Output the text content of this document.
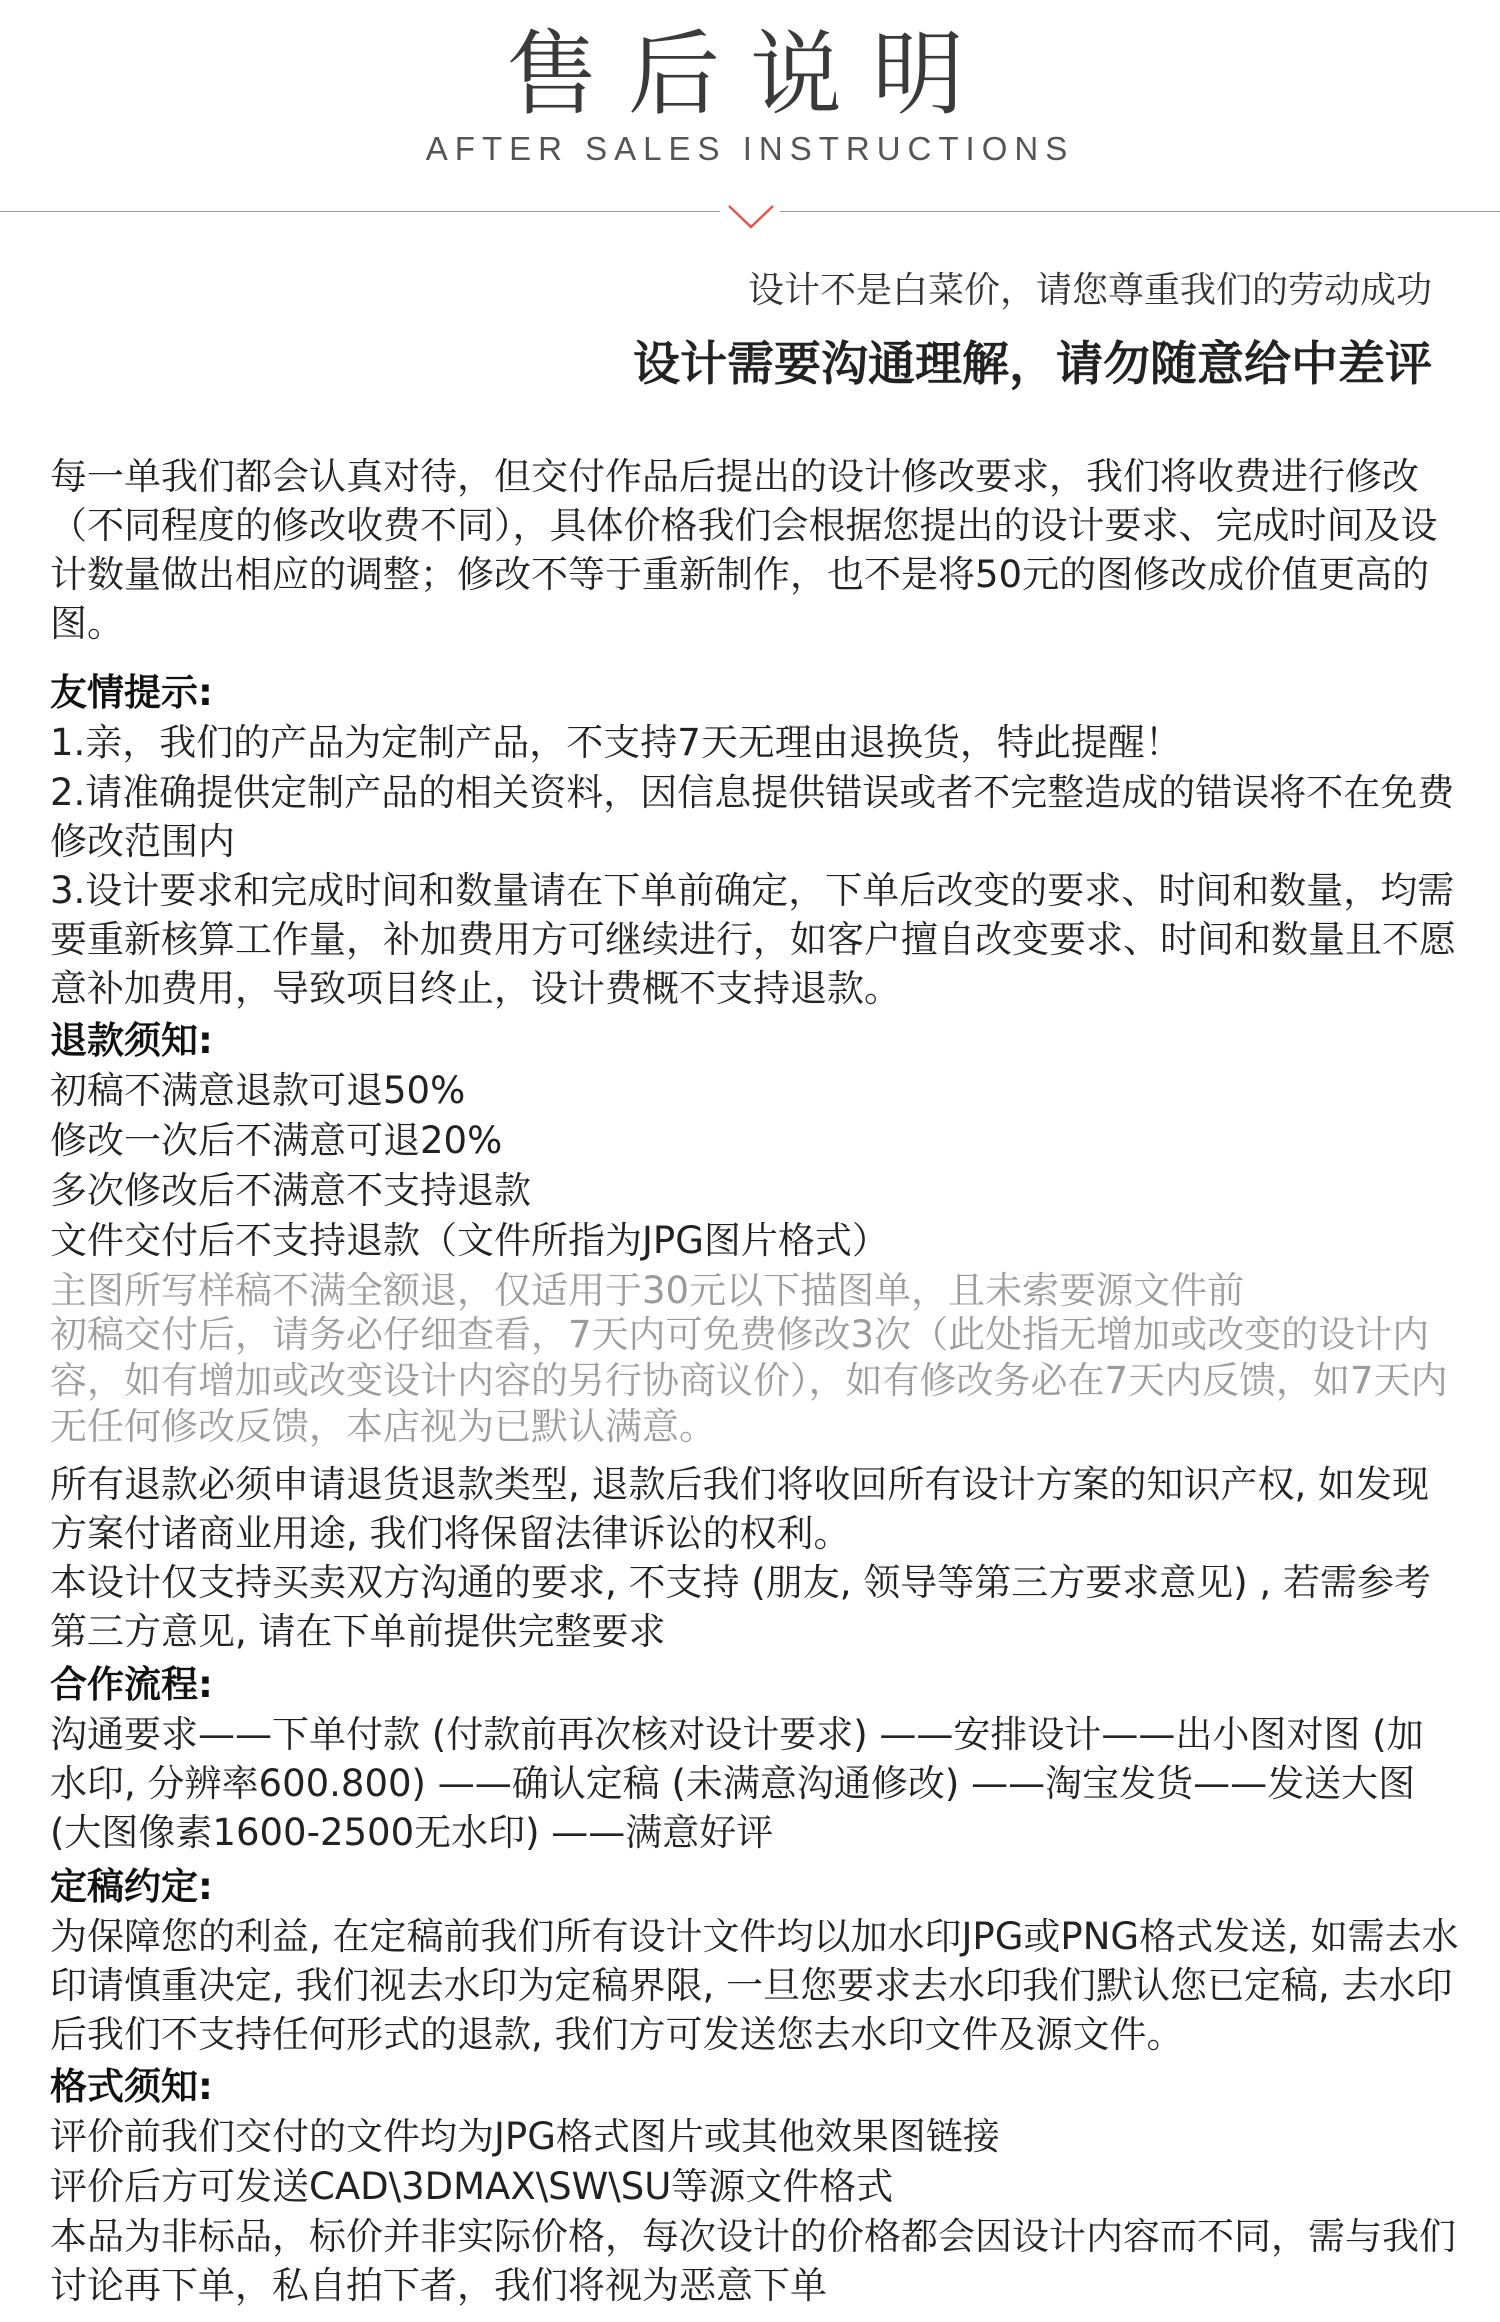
售后说明
AFTER SALES INSTRUCTIONS
设计不是白菜价，请您尊重我们的劳动成功
设计需要沟通理解，请勿随意给中差评

每一单我们都会认真对待，但交付作品后提出的设计修改要求，我们将收费进行修改（不同程度的修改收费不同），具体价格我们会根据您提出的设计要求、完成时间及设计数量做出相应的调整；修改不等于重新制作，也不是将50元的图修改成价值更高的图。

友情提示:

1.亲，我们的产品为定制产品，不支持7天无理由退换货，特此提醒！

2.请准确提供定制产品的相关资料，因信息提供错误或者不完整造成的错误将不在免费修改范围内

3.设计要求和完成时间和数量请在下单前确定，下单后改变的要求、时间和数量，均需要重新核算工作量，补加费用方可继续进行，如客户擅自改变要求、时间和数量且不愿意补加费用，导致项目终止，设计费概不支持退款。

退款须知:

初稿不满意退款可退50%

修改一次后不满意可退20%

多次修改后不满意不支持退款

文件交付后不支持退款（文件所指为JPG图片格式）

主图所写样稿不满全额退，仅适用于30元以下描图单，且未索要源文件前

初稿交付后，请务必仔细查看，7天内可免费修改3次（此处指无增加或改变的设计内容，如有增加或改变设计内容的另行协商议价），如有修改务必在7天内反馈，如7天内无任何修改反馈，本店视为已默认满意。

所有退款必须申请退货退款类型, 退款后我们将收回所有设计方案的知识产权, 如发现方案付诸商业用途, 我们将保留法律诉讼的权利。

本设计仅支持买卖双方沟通的要求, 不支持 (朋友, 领导等第三方要求意见) , 若需参考第三方意见, 请在下单前提供完整要求

合作流程:

沟通要求——下单付款 (付款前再次核对设计要求) ——安排设计——出小图对图 (加水印, 分辨率600.800) ——确认定稿 (未满意沟通修改) ——淘宝发货——发送大图 (大图像素1600-2500无水印) ——满意好评

定稿约定:

为保障您的利益, 在定稿前我们所有设计文件均以加水印JPG或PNG格式发送, 如需去水印请慎重决定, 我们视去水印为定稿界限, 一旦您要求去水印我们默认您已定稿, 去水印后我们不支持任何形式的退款, 我们方可发送您去水印文件及源文件。

格式须知:

评价前我们交付的文件均为JPG格式图片或其他效果图链接

评价后方可发送CAD\3DMAX\SW\SU等源文件格式

本品为非标品，标价并非实际价格，每次设计的价格都会因设计内容而不同，需与我们讨论再下单，私自拍下者，我们将视为恶意下单
